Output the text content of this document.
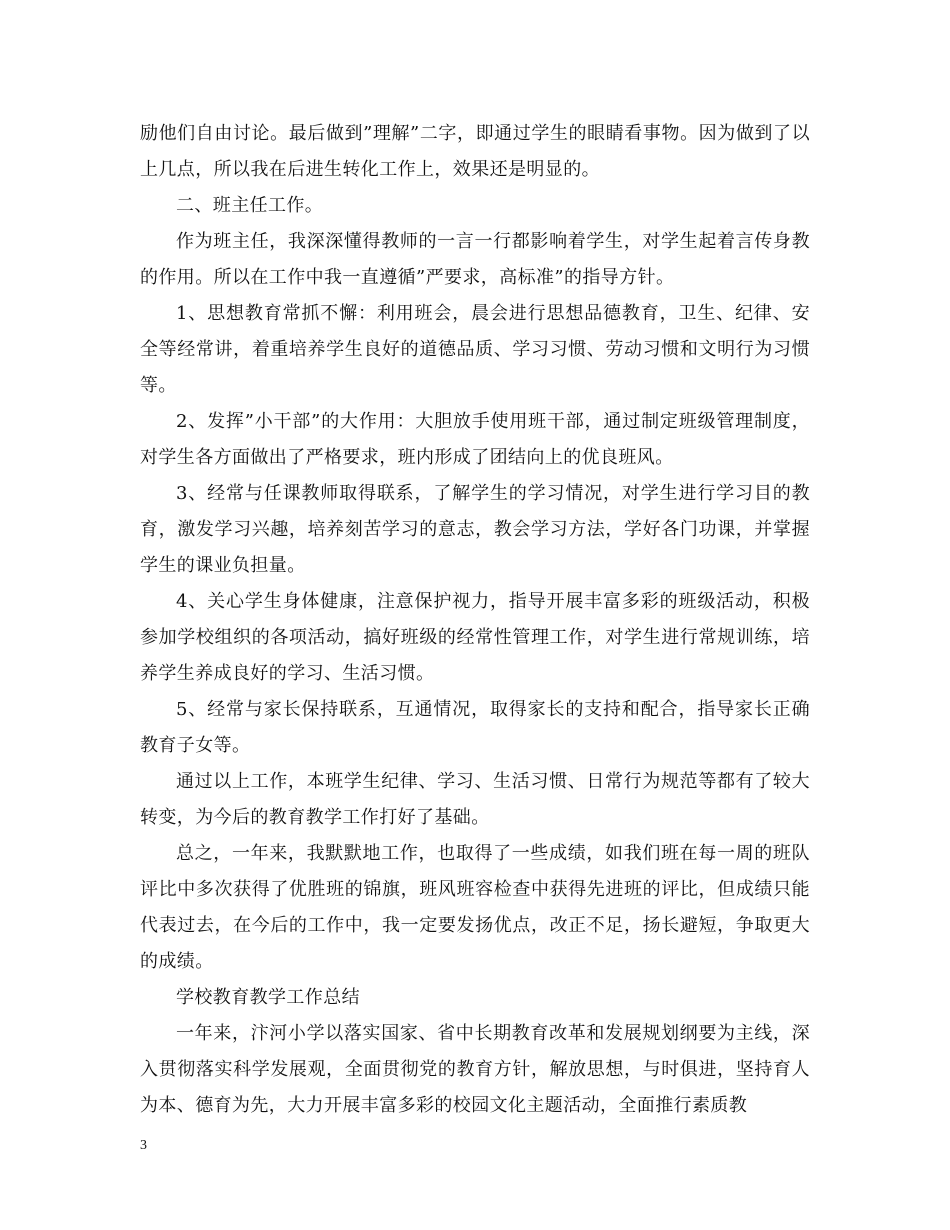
励他们自由讨论。最后做到”理解”二字，即通过学生的眼睛看事物。因为做到了以上几点，所以我在后进生转化工作上，效果还是明显的。

二、班主任工作。

作为班主任，我深深懂得教师的一言一行都影响着学生，对学生起着言传身教的作用。所以在工作中我一直遵循”严要求，高标准”的指导方针。

1、思想教育常抓不懈：利用班会，晨会进行思想品德教育，卫生、纪律、安全等经常讲，着重培养学生良好的道德品质、学习习惯、劳动习惯和文明行为习惯等。

2、发挥”小干部”的大作用：大胆放手使用班干部，通过制定班级管理制度，对学生各方面做出了严格要求，班内形成了团结向上的优良班风。

3、经常与任课教师取得联系，了解学生的学习情况，对学生进行学习目的教育，激发学习兴趣，培养刻苦学习的意志，教会学习方法，学好各门功课，并掌握学生的课业负担量。

4、关心学生身体健康，注意保护视力，指导开展丰富多彩的班级活动，积极参加学校组织的各项活动，搞好班级的经常性管理工作，对学生进行常规训练，培养学生养成良好的学习、生活习惯。

5、经常与家长保持联系，互通情况，取得家长的支持和配合，指导家长正确教育子女等。

通过以上工作，本班学生纪律、学习、生活习惯、日常行为规范等都有了较大转变，为今后的教育教学工作打好了基础。

总之，一年来，我默默地工作，也取得了一些成绩，如我们班在每一周的班队评比中多次获得了优胜班的锦旗，班风班容检查中获得先进班的评比，但成绩只能代表过去，在今后的工作中，我一定要发扬优点，改正不足，扬长避短，争取更大的成绩。

学校教育教学工作总结

一年来，汴河小学以落实国家、省中长期教育改革和发展规划纲要为主线，深入贯彻落实科学发展观，全面贯彻党的教育方针，解放思想，与时俱进，坚持育人为本、德育为先，大力开展丰富多彩的校园文化主题活动，全面推行素质教

3
